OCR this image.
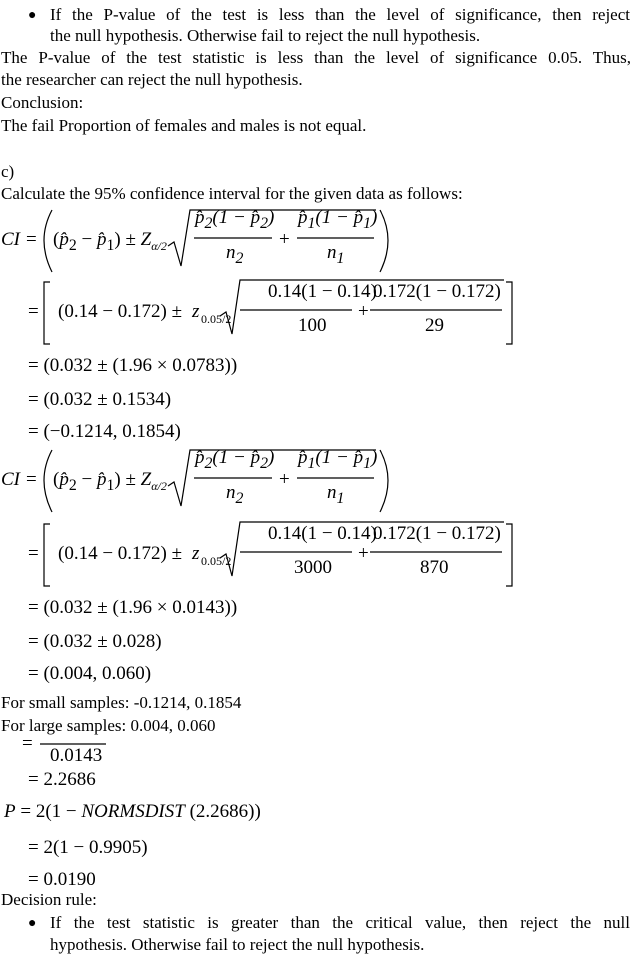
● If the P-value of the test is less than the level of significance, then reject
the null hypothesis. Otherwise fail to reject the null hypothesis.
The P-value of the test statistic is less than the level of significance 0.05. Thus,
the researcher can reject the null hypothesis.
Conclusion:
The fail Proportion of females and males is not equal.
c)
Calculate the 95% confidence interval for the given data as follows:
CI = ($p̂_2$ − $p̂_1) \pm Z_{\alpha/2}$
$p̂_2(1$ − $p̂_2$)
$n_2$
+
$p̂_1(1$ − $p̂_1$)
$n_1$
= (0.14 − 0.172) ± z 0.05/2
0.14(1 − 0.14)
100
+
0.172(1 − 0.172)
29
= (0.032 ± (1.96 × 0.0783))
= (0.032 ± 0.1534)
= (−0.1214, 0.1854)
CI = ($p̂_2$ − $p̂_1) \pm Z_{\alpha/2}$
$p̂_2(1$ − $p̂_2$)
$n_2$
+
$p̂_1(1$ − $p̂_1$)
$n_1$
= (0.14 − 0.172) ± z 0.05/2
0.14(1 − 0.14)
3000
+
0.172(1 − 0.172)
870
= (0.032 ± (1.96 × 0.0143))
= (0.032 ± 0.028)
= (0.004, 0.060)
For small samples: -0.1214, 0.1854
For large samples: 0.004, 0.060
=
0.0143
= 2.2686
P = 2(1 − NORMSDIST (2.2686))
= 2(1 − 0.9905)
= 0.0190
Decision rule:
● If the test statistic is greater than the critical value, then reject the null
hypothesis. Otherwise fail to reject the null hypothesis.
